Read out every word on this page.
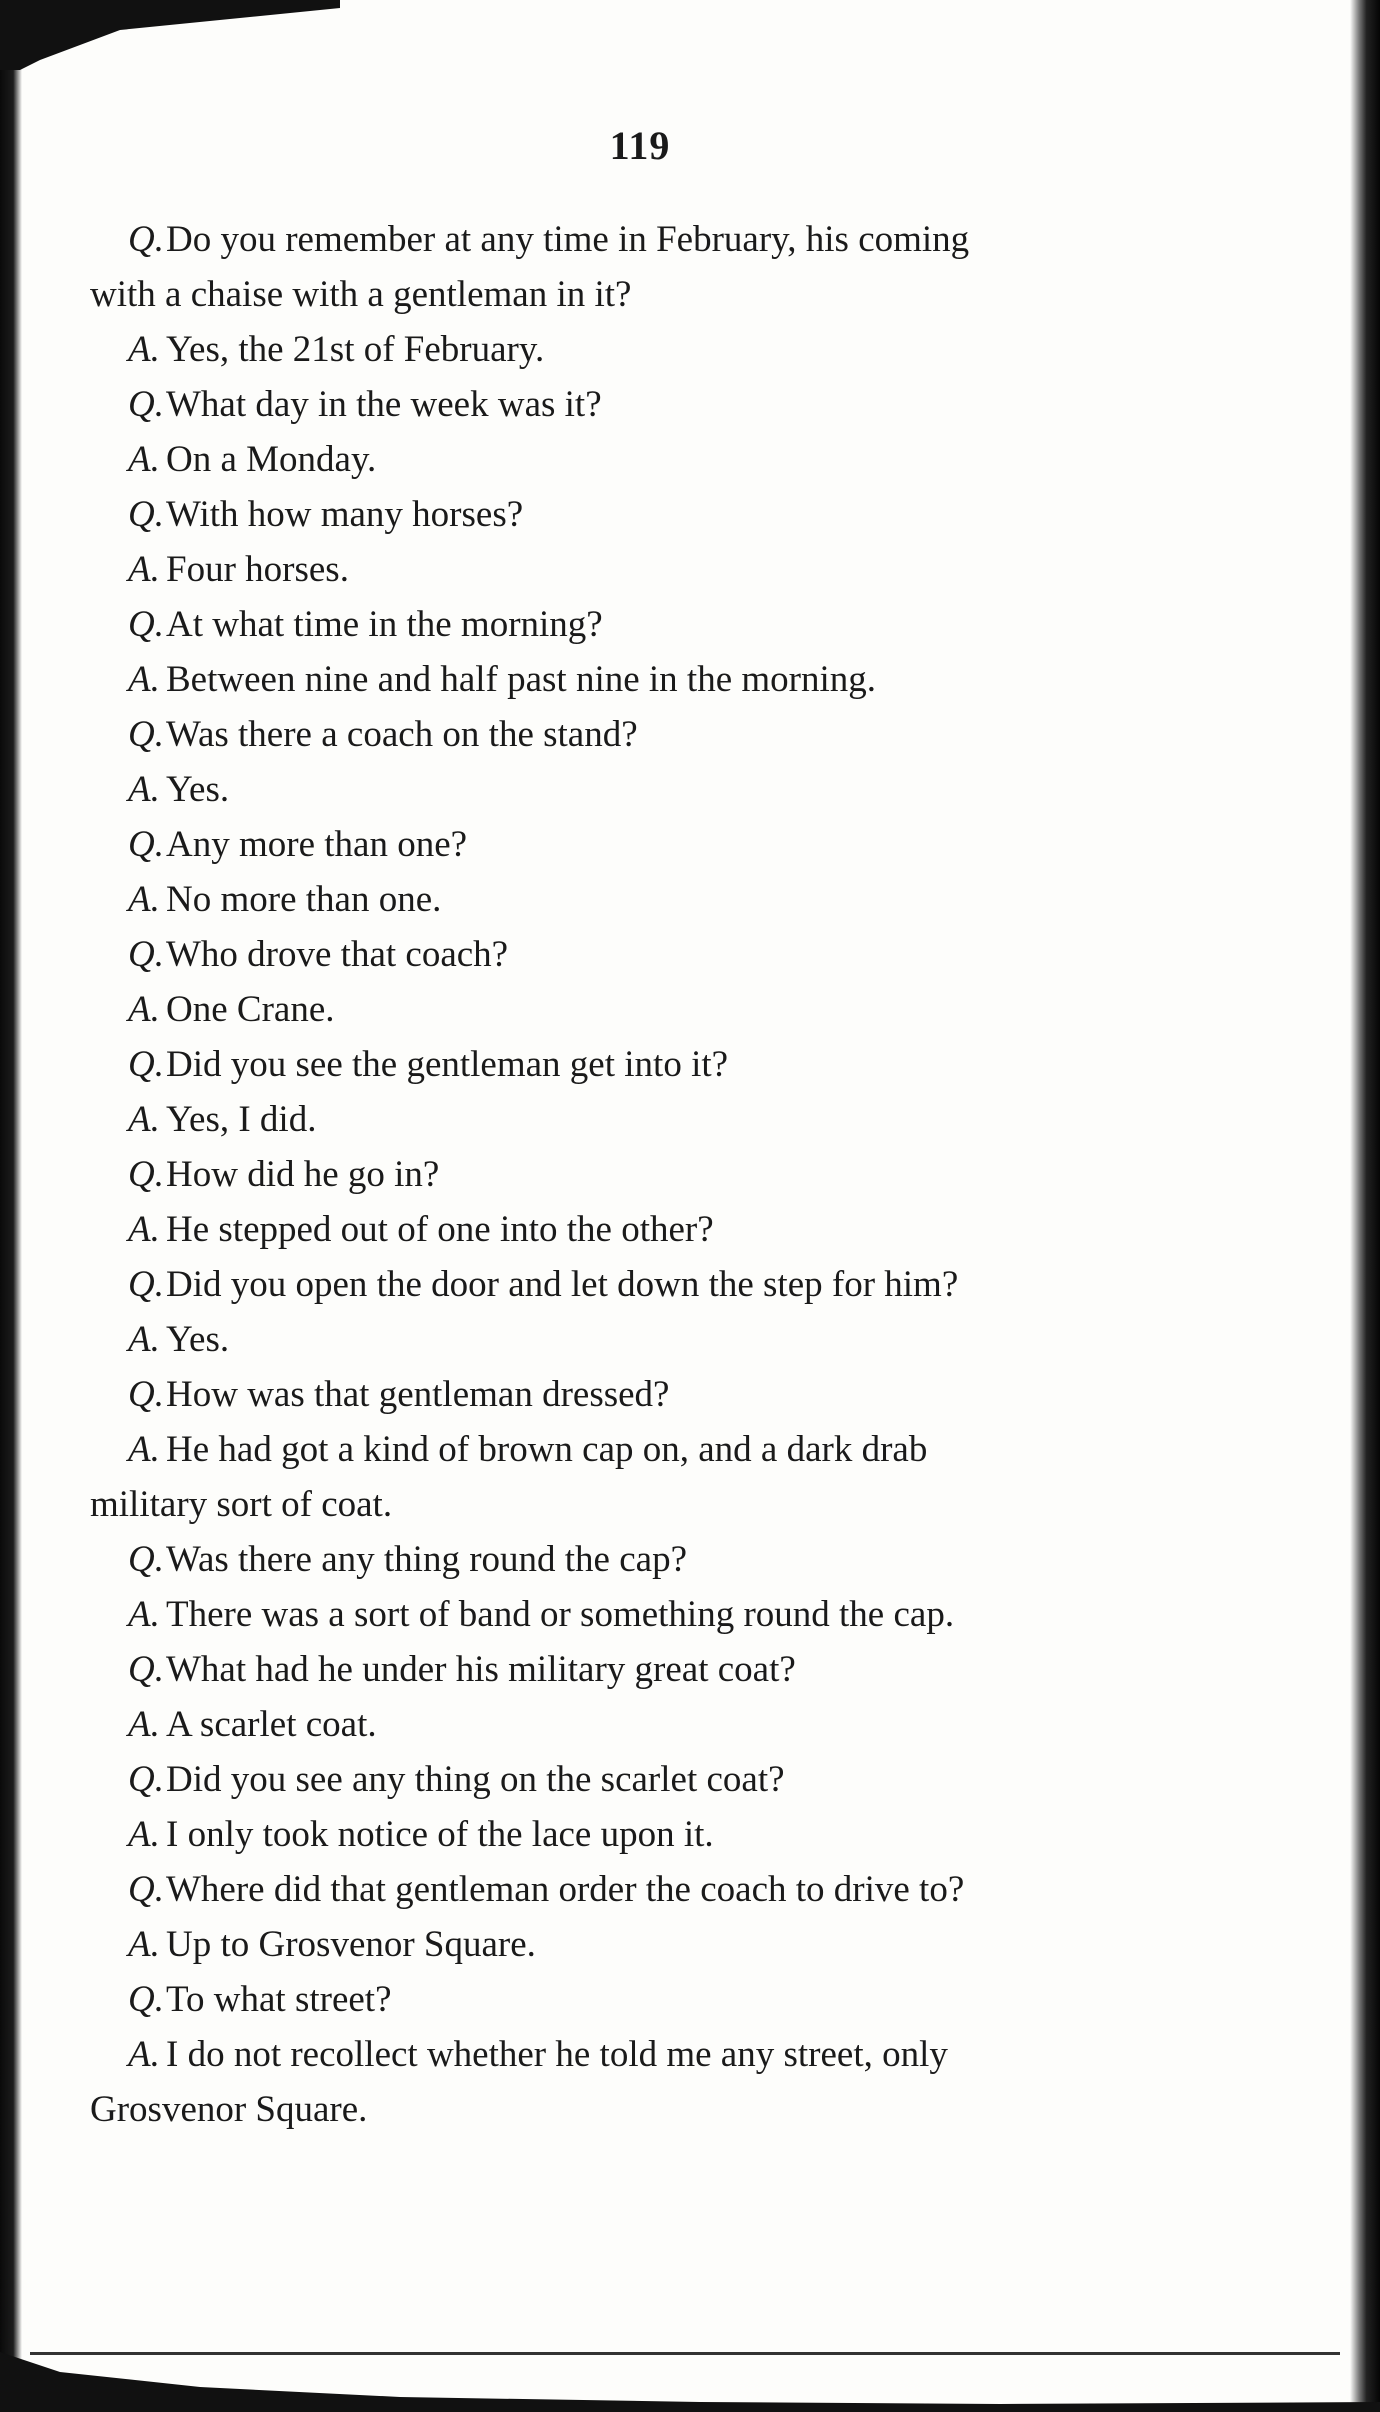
119
Q.Do you remember at any time in February, his coming
with a chaise with a gentleman in it?
A. Yes, the 21st of February.
Q.What day in the week was it?
A. On a Monday.
Q.With how many horses?
A. Four horses.
Q.At what time in the morning?
A. Between nine and half past nine in the morning.
Q.Was there a coach on the stand?
A. Yes.
Q.Any more than one?
A. No more than one.
Q.Who drove that coach?
A. One Crane.
Q.Did you see the gentleman get into it?
A. Yes, I did.
Q.How did he go in?
A. He stepped out of one into the other?
Q.Did you open the door and let down the step for him?
A. Yes.
Q.How was that gentleman dressed?
A. He had got a kind of brown cap on, and a dark drab
military sort of coat.
Q.Was there any thing round the cap?
A. There was a sort of band or something round the cap.
Q.What had he under his military great coat?
A. A scarlet coat.
Q.Did you see any thing on the scarlet coat?
A. I only took notice of the lace upon it.
Q.Where did that gentleman order the coach to drive to?
A. Up to Grosvenor Square.
Q.To what street?
A. I do not recollect whether he told me any street, only
Grosvenor Square.
